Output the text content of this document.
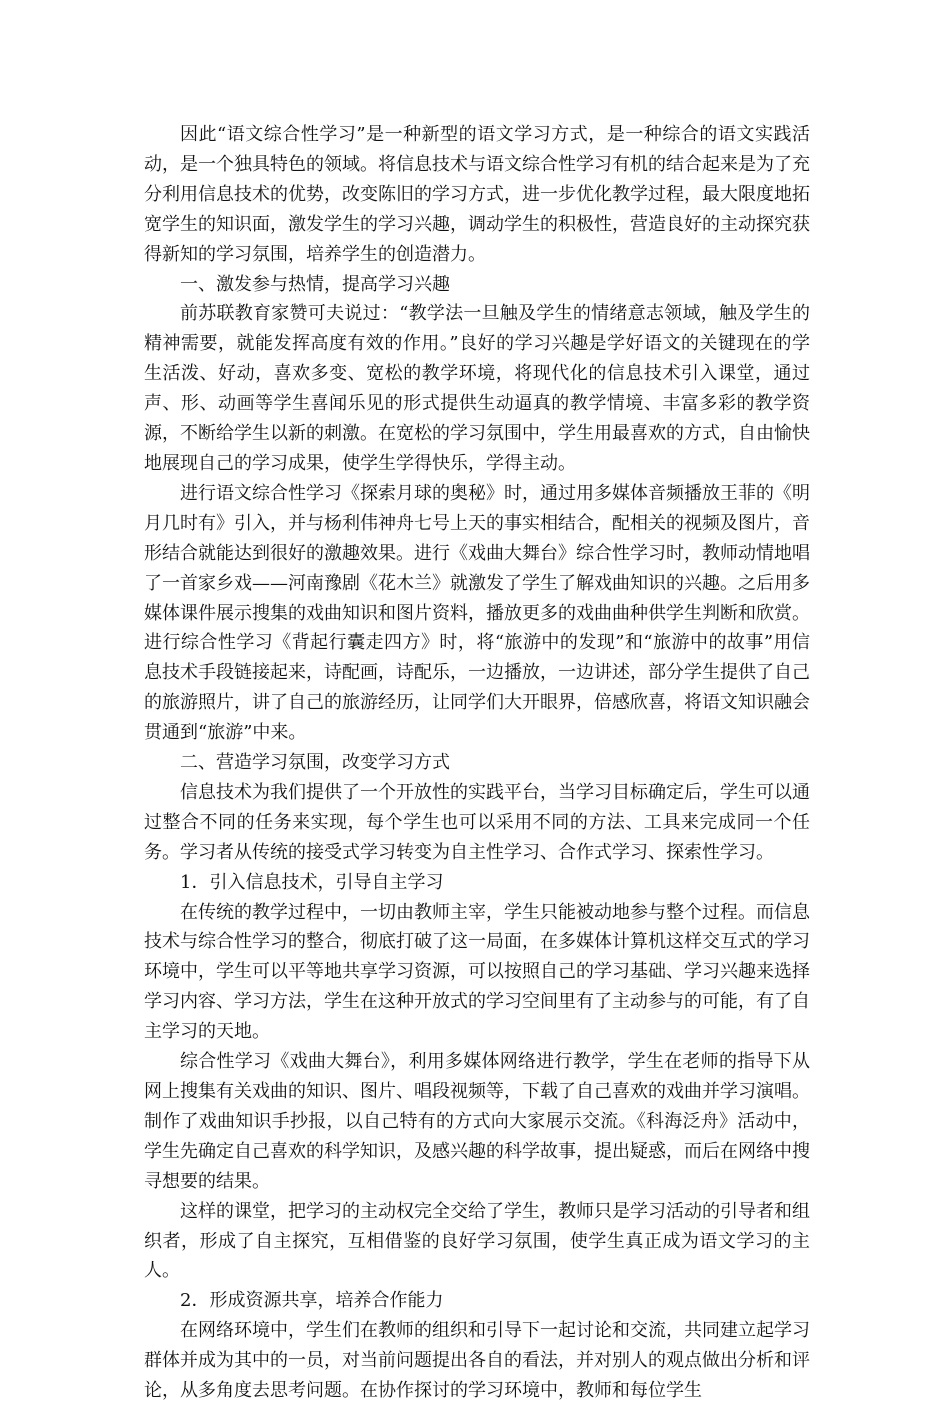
因此“语文综合性学习”是一种新型的语文学习方式，是一种综合的语文实践活动，是一个独具特色的领域。将信息技术与语文综合性学习有机的结合起来是为了充分利用信息技术的优势，改变陈旧的学习方式，进一步优化教学过程，最大限度地拓宽学生的知识面，激发学生的学习兴趣，调动学生的积极性，营造良好的主动探究获得新知的学习氛围，培养学生的创造潜力。

一、激发参与热情，提高学习兴趣

前苏联教育家赞可夫说过：“教学法一旦触及学生的情绪意志领域，触及学生的精神需要，就能发挥高度有效的作用。”良好的学习兴趣是学好语文的关键现在的学生活泼、好动，喜欢多变、宽松的教学环境，将现代化的信息技术引入课堂，通过声、形、动画等学生喜闻乐见的形式提供生动逼真的教学情境、丰富多彩的教学资源，不断给学生以新的刺激。在宽松的学习氛围中，学生用最喜欢的方式，自由愉快地展现自己的学习成果，使学生学得快乐，学得主动。

进行语文综合性学习《探索月球的奥秘》时，通过用多媒体音频播放王菲的《明月几时有》引入，并与杨利伟神舟七号上天的事实相结合，配相关的视频及图片，音形结合就能达到很好的激趣效果。进行《戏曲大舞台》综合性学习时，教师动情地唱了一首家乡戏——河南豫剧《花木兰》就激发了学生了解戏曲知识的兴趣。之后用多媒体课件展示搜集的戏曲知识和图片资料，播放更多的戏曲曲种供学生判断和欣赏。进行综合性学习《背起行囊走四方》时，将“旅游中的发现”和“旅游中的故事”用信息技术手段链接起来，诗配画，诗配乐，一边播放，一边讲述，部分学生提供了自己的旅游照片，讲了自己的旅游经历，让同学们大开眼界，倍感欣喜，将语文知识融会贯通到“旅游”中来。

二、营造学习氛围，改变学习方式

信息技术为我们提供了一个开放性的实践平台，当学习目标确定后，学生可以通过整合不同的任务来实现，每个学生也可以采用不同的方法、工具来完成同一个任务。学习者从传统的接受式学习转变为自主性学习、合作式学习、探索性学习。

1．引入信息技术，引导自主学习

在传统的教学过程中，一切由教师主宰，学生只能被动地参与整个过程。而信息技术与综合性学习的整合，彻底打破了这一局面，在多媒体计算机这样交互式的学习环境中，学生可以平等地共享学习资源，可以按照自己的学习基础、学习兴趣来选择学习内容、学习方法，学生在这种开放式的学习空间里有了主动参与的可能，有了自主学习的天地。

综合性学习《戏曲大舞台》，利用多媒体网络进行教学，学生在老师的指导下从网上搜集有关戏曲的知识、图片、唱段视频等，下载了自己喜欢的戏曲并学习演唱。制作了戏曲知识手抄报，以自己特有的方式向大家展示交流。《科海泛舟》活动中，学生先确定自己喜欢的科学知识，及感兴趣的科学故事，提出疑惑，而后在网络中搜寻想要的结果。

这样的课堂，把学习的主动权完全交给了学生，教师只是学习活动的引导者和组织者，形成了自主探究，互相借鉴的良好学习氛围，使学生真正成为语文学习的主人。

2．形成资源共享，培养合作能力

在网络环境中，学生们在教师的组织和引导下一起讨论和交流，共同建立起学习群体并成为其中的一员，对当前问题提出各自的看法，并对别人的观点做出分析和评论，从多角度去思考问题。在协作探讨的学习环境中，教师和每位学生
